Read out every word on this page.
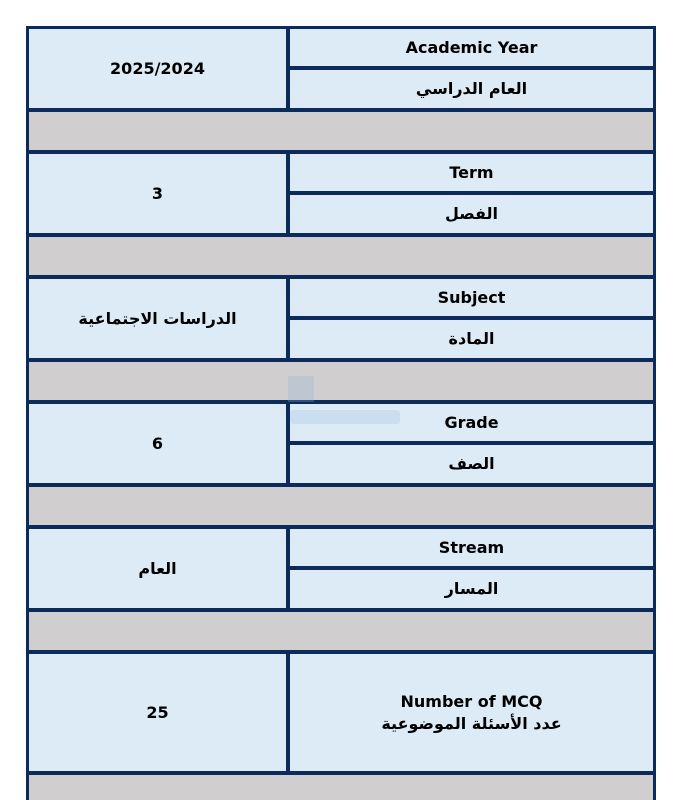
2025/2024
Academic Year
العام الدراسي
3
Term
الفصل
الدراسات الاجتماعية
Subject
المادة
6
Grade
الصف
العام
Stream
المسار
25
Number of MCQ
عدد الأسئلة الموضوعية
